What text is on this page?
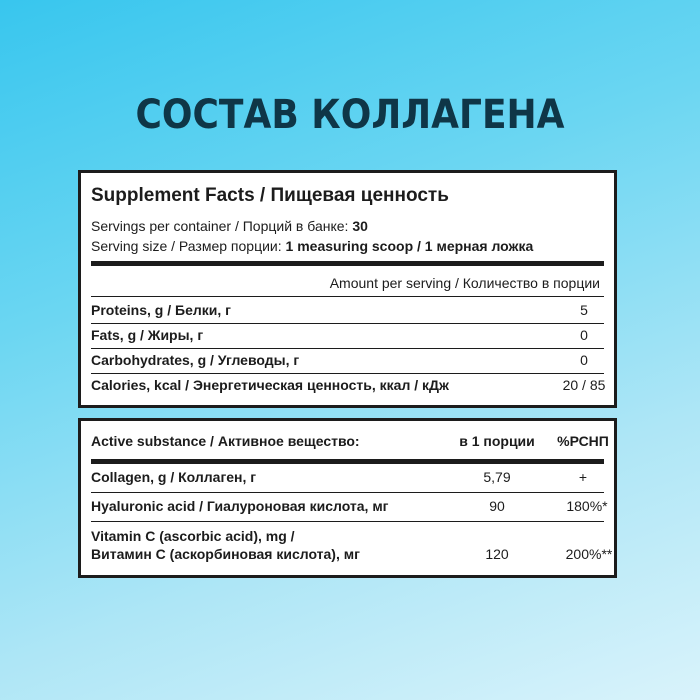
СОСТАВ КОЛЛАГЕНА
Supplement Facts / Пищевая ценность
Servings per container / Порций в банке: 30
Serving size / Размер порции: 1 measuring scoop / 1 мерная ложка
Amount per serving / Количество в порции
Proteins, g / Белки, г	5
Fats, g / Жиры, г	0
Carbohydrates, g / Углеводы, г	0
Calories, kcal / Энергетическая ценность, ккал / кДж	20 / 85
Active substance / Активное вещество:	в 1 порции	%РСНП
Collagen, g / Коллаген, г	5,79	+
Hyaluronic acid / Гиалуроновая кислота, мг	90	180%*
Vitamin C (ascorbic acid), mg /
Витамин С (аскорбиновая кислота), мг	120	200%**
